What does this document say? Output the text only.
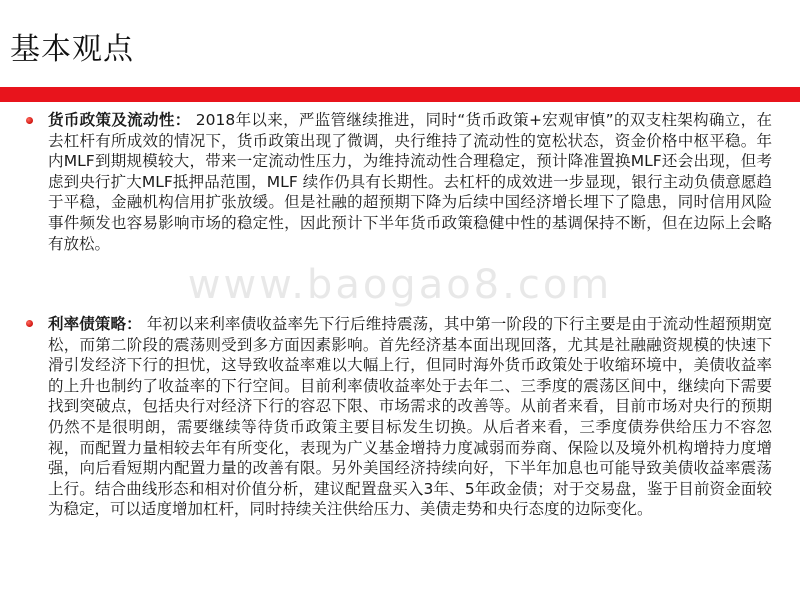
基本观点
www.baogao8.com

货币政策及流动性： 2018年以来，严监管继续推进，同时“货币政策+宏观审慎”的双支柱架构确立，在去杠杆有所成效的情况下，货币政策出现了微调，央行维持了流动性的宽松状态，资金价格中枢平稳。年内MLF到期规模较大，带来一定流动性压力，为维持流动性合理稳定，预计降准置换MLF还会出现，但考虑到央行扩大MLF抵押品范围，MLF 续作仍具有长期性。去杠杆的成效进一步显现，银行主动负债意愿趋于平稳，金融机构信用扩张放缓。但是社融的超预期下降为后续中国经济增长埋下了隐患，同时信用风险事件频发也容易影响市场的稳定性，因此预计下半年货币政策稳健中性的基调保持不断，但在边际上会略有放松。

利率债策略： 年初以来利率债收益率先下行后维持震荡，其中第一阶段的下行主要是由于流动性超预期宽松，而第二阶段的震荡则受到多方面因素影响。首先经济基本面出现回落，尤其是社融融资规模的快速下滑引发经济下行的担忧，这导致收益率难以大幅上行，但同时海外货币政策处于收缩环境中，美债收益率的上升也制约了收益率的下行空间。目前利率债收益率处于去年二、三季度的震荡区间中，继续向下需要找到突破点，包括央行对经济下行的容忍下限、市场需求的改善等。从前者来看，目前市场对央行的预期仍然不是很明朗，需要继续等待货币政策主要目标发生切换。从后者来看，三季度债券供给压力不容忽视，而配置力量相较去年有所变化，表现为广义基金增持力度减弱而券商、保险以及境外机构增持力度增强，向后看短期内配置力量的改善有限。另外美国经济持续向好，下半年加息也可能导致美债收益率震荡上行。结合曲线形态和相对价值分析，建议配置盘买入3年、5年政金债；对于交易盘，鉴于目前资金面较为稳定，可以适度增加杠杆，同时持续关注供给压力、美债走势和央行态度的边际变化。
